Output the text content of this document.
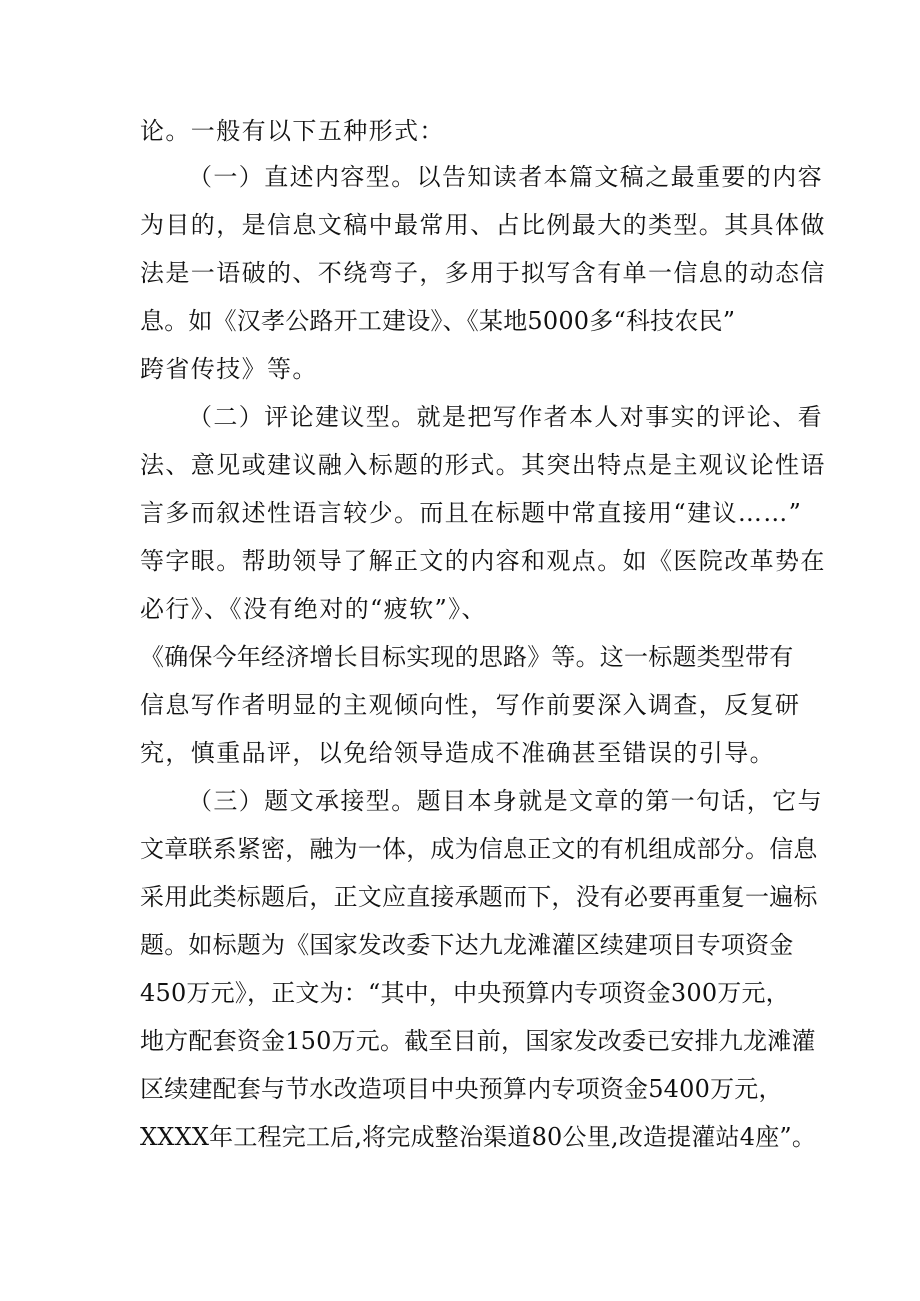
论。一般有以下五种形式：
（一）直述内容型。以告知读者本篇文稿之最重要的内容
为目的，是信息文稿中最常用、占比例最大的类型。其具体做
法是一语破的、不绕弯子，多用于拟写含有单一信息的动态信
息。如《汉孝公路开工建设》、《某地5000多“科技农民”
跨省传技》等。
（二）评论建议型。就是把写作者本人对事实的评论、看
法、意见或建议融入标题的形式。其突出特点是主观议论性语
言多而叙述性语言较少。而且在标题中常直接用“建议……”
等字眼。帮助领导了解正文的内容和观点。如《医院改革势在
必行》、《没有绝对的“疲软”》、
《确保今年经济增长目标实现的思路》等。这一标题类型带有
信息写作者明显的主观倾向性，写作前要深入调查，反复研
究，慎重品评，以免给领导造成不准确甚至错误的引导。
（三）题文承接型。题目本身就是文章的第一句话，它与
文章联系紧密，融为一体，成为信息正文的有机组成部分。信息
采用此类标题后，正文应直接承题而下，没有必要再重复一遍标
题。如标题为《国家发改委下达九龙滩灌区续建项目专项资金
450万元》，正文为：“其中，中央预算内专项资金300万元，
地方配套资金150万元。截至目前，国家发改委已安排九龙滩灌
区续建配套与节水改造项目中央预算内专项资金5400万元，
XXXX年工程完工后,将完成整治渠道80公里,改造提灌站4座”。
